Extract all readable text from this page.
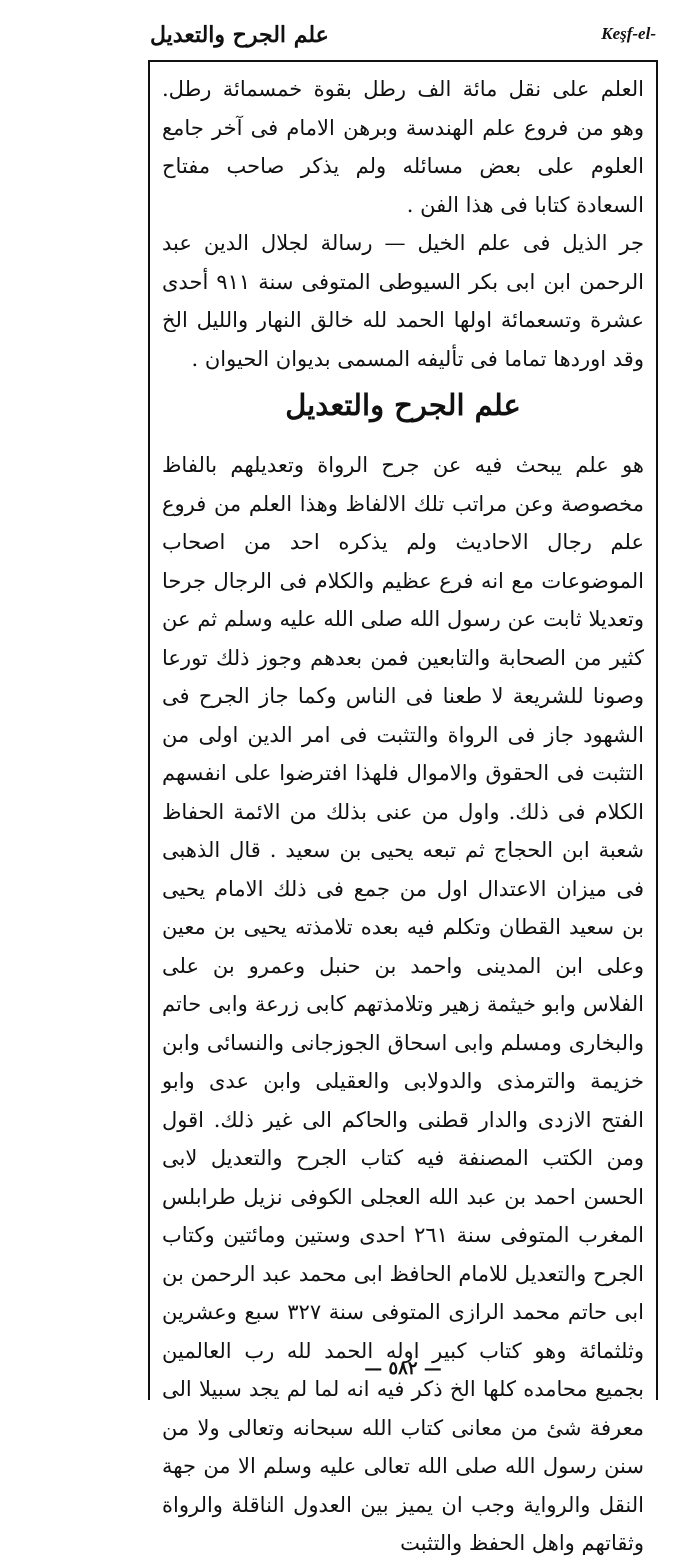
علم الجرح والتعديل	Keşf-el-

العلم على نقل مائة الف رطل بقوة خمسمائة رطل. وهو من فروع علم الهندسة وبرهن الامام فى آخر جامع العلوم على بعض مسائله ولم يذكر صاحب مفتاح السعادة كتابا فى هذا الفن .

جر الذيل فى علم الخيل — رسالة لجلال الدين عبد الرحمن ابن ابى بكر السيوطى المتوفى سنة ٩١١ أحدى عشرة وتسعمائة اولها الحمد لله خالق النهار والليل الخ وقد اوردها تماما فى تأليفه المسمى بديوان الحيوان .

علم الجرح والتعديل

هو علم يبحث فيه عن جرح الرواة وتعديلهم بالفاظ مخصوصة وعن مراتب تلك الالفاظ وهذا العلم من فروع علم رجال الاحاديث ولم يذكره احد من اصحاب الموضوعات مع انه فرع عظيم والكلام فى الرجال جرحا وتعديلا ثابت عن رسول الله صلى الله عليه وسلم ثم عن كثير من الصحابة والتابعين فمن بعدهم وجوز ذلك تورعا وصونا للشريعة لا طعنا فى الناس وكما جاز الجرح فى الشهود جاز فى الرواة والتثبت فى امر الدين اولى من التثبت فى الحقوق والاموال فلهذا افترضوا على انفسهم الكلام فى ذلك. واول من عنى بذلك من الائمة الحفاظ شعبة ابن الحجاج ثم تبعه يحيى بن سعيد . قال الذهبى فى ميزان الاعتدال اول من جمع فى ذلك الامام يحيى بن سعيد القطان وتكلم فيه بعده تلامذته يحيى بن معين وعلى ابن المدينى واحمد بن حنبل وعمرو بن على الفلاس وابو خيثمة زهير وتلامذتهم كابى زرعة وابى حاتم والبخارى ومسلم وابى اسحاق الجوزجانى والنسائى وابن خزيمة والترمذى والدولابى والعقيلى وابن عدى وابو الفتح الازدى والدار قطنى والحاكم الى غير ذلك. اقول ومن الكتب المصنفة فيه كتاب الجرح والتعديل لابى الحسن احمد بن عبد الله العجلى الكوفى نزيل طرابلس المغرب المتوفى سنة ٢٦١ احدى وستين ومائتين وكتاب الجرح والتعديل للامام الحافظ ابى محمد عبد الرحمن بن ابى حاتم محمد الرازى المتوفى سنة ٣٢٧ سبع وعشرين وثلثمائة وهو كتاب كبير اوله الحمد لله رب العالمين بجميع محامده كلها الخ ذكر فيه انه لما لم يجد سبيلا الى معرفة شئ من معانى كتاب الله سبحانه وتعالى ولا من سنن رسول الله صلى الله تعالى عليه وسلم الا من جهة النقل والرواية وجب ان يميز بين العدول الناقلة والرواة وثقاتهم واهل الحفظ والتثبت

— ٥٨٢ —
